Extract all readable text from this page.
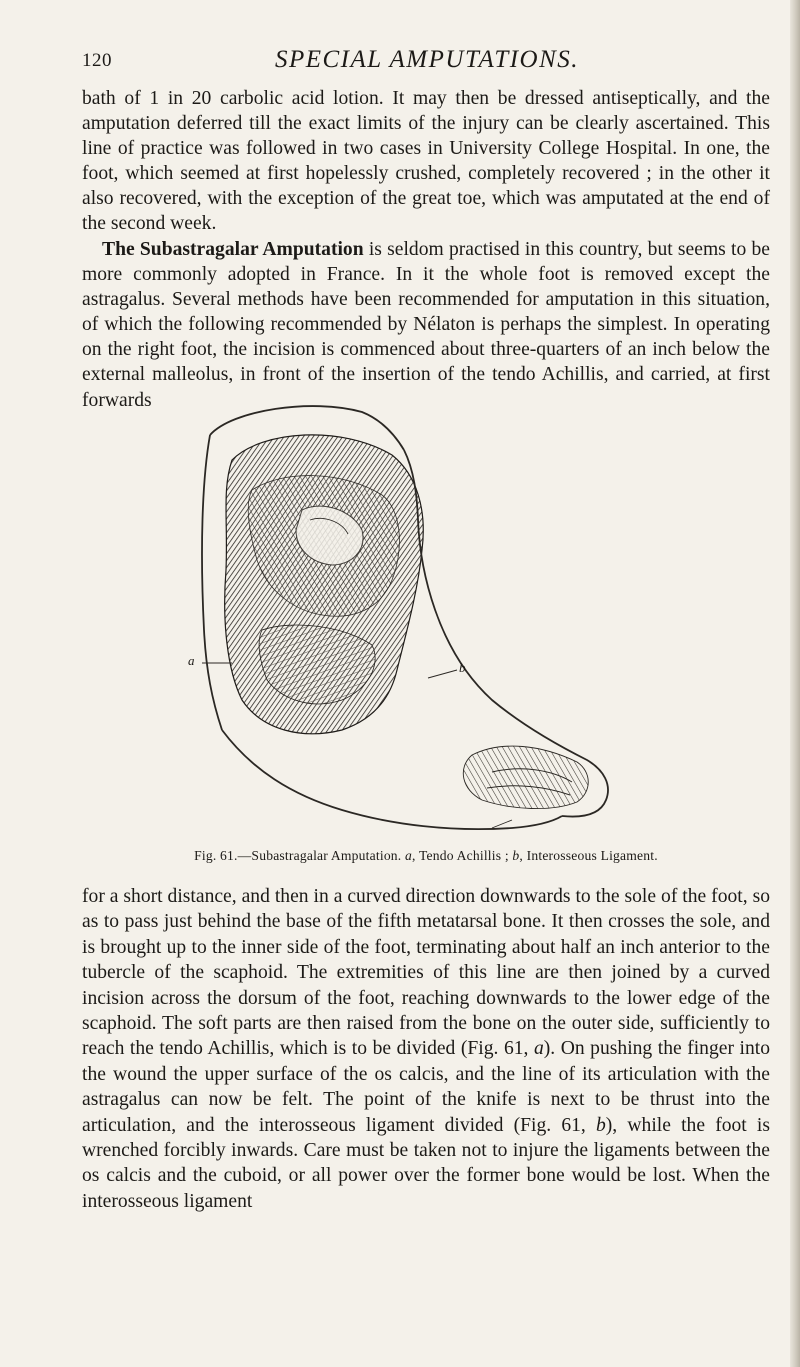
120	SPECIAL AMPUTATIONS.

bath of 1 in 20 carbolic acid lotion. It may then be dressed antiseptically, and the amputation deferred till the exact limits of the injury can be clearly ascertained. This line of practice was followed in two cases in University College Hospital. In one, the foot, which seemed at first hopelessly crushed, completely recovered ; in the other it also recovered, with the exception of the great toe, which was amputated at the end of the second week.

The Subastragalar Amputation is seldom practised in this country, but seems to be more commonly adopted in France. In it the whole foot is removed except the astragalus. Several methods have been recommended for amputation in this situation, of which the following recommended by Nélaton is perhaps the simplest. In operating on the right foot, the incision is commenced about three-quarters of an inch below the external malleolus, in front of the insertion of the tendo Achillis, and carried, at first forwards

a	b
Fig. 61.—Subastragalar Amputation. a, Tendo Achillis ; b, Interosseous Ligament.

for a short distance, and then in a curved direction downwards to the sole of the foot, so as to pass just behind the base of the fifth metatarsal bone. It then crosses the sole, and is brought up to the inner side of the foot, terminating about half an inch anterior to the tubercle of the scaphoid. The extremities of this line are then joined by a curved incision across the dorsum of the foot, reaching downwards to the lower edge of the scaphoid. The soft parts are then raised from the bone on the outer side, sufficiently to reach the tendo Achillis, which is to be divided (Fig. 61, a). On pushing the finger into the wound the upper surface of the os calcis, and the line of its articulation with the astragalus can now be felt. The point of the knife is next to be thrust into the articulation, and the interosseous ligament divided (Fig. 61, b), while the foot is wrenched forcibly inwards. Care must be taken not to injure the ligaments between the os calcis and the cuboid, or all power over the former bone would be lost. When the interosseous ligament
